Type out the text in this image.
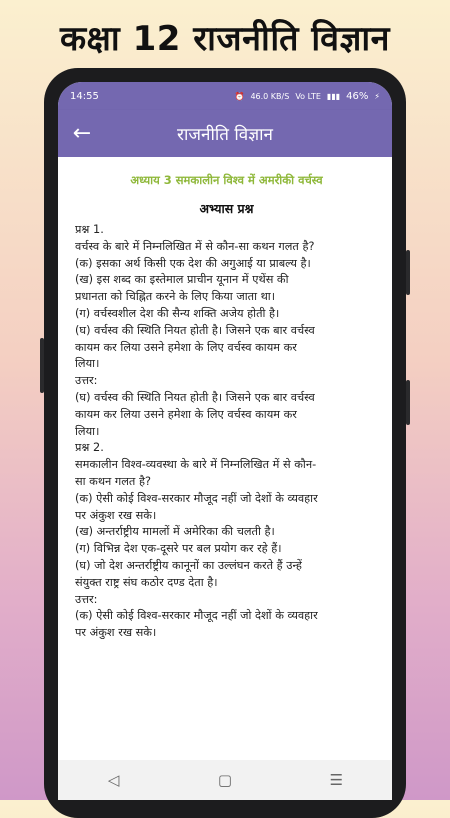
कक्षा 12 राजनीति विज्ञान
14:55	⏰ 46.0 KB/S Vo LTE ▮▮▮ 46% ⚡
←	राजनीति विज्ञान
अध्याय 3 समकालीन विश्व में अमरीकी वर्चस्व
अभ्यास प्रश्न
प्रश्न 1.
वर्चस्व के बारे में निम्नलिखित में से कौन-सा कथन गलत है?
(क) इसका अर्थ किसी एक देश की अगुआई या प्राबल्य है।
(ख) इस शब्द का इस्तेमाल प्राचीन यूनान में एथेंस की
प्रधानता को चिह्नित करने के लिए किया जाता था।
(ग) वर्चस्वशील देश की सैन्य शक्ति अजेय होती है।
(घ) वर्चस्व की स्थिति नियत होती है। जिसने एक बार वर्चस्व
कायम कर लिया उसने हमेशा के लिए वर्चस्व कायम कर
लिया।
उत्तर:
(घ) वर्चस्व की स्थिति नियत होती है। जिसने एक बार वर्चस्व
कायम कर लिया उसने हमेशा के लिए वर्चस्व कायम कर
लिया।
प्रश्न 2.
समकालीन विश्व-व्यवस्था के बारे में निम्नलिखित में से कौन-
सा कथन गलत है?
(क) ऐसी कोई विश्व-सरकार मौजूद नहीं जो देशों के व्यवहार
पर अंकुश रख सके।
(ख) अन्तर्राष्ट्रीय मामलों में अमेरिका की चलती है।
(ग) विभिन्न देश एक-दूसरे पर बल प्रयोग कर रहे हैं।
(घ) जो देश अन्तर्राष्ट्रीय कानूनों का उल्लंघन करते हैं उन्हें
संयुक्त राष्ट्र संघ कठोर दण्ड देता है।
उत्तर:
(क) ऐसी कोई विश्व-सरकार मौजूद नहीं जो देशों के व्यवहार
पर अंकुश रख सके।
◁	▢	☰
